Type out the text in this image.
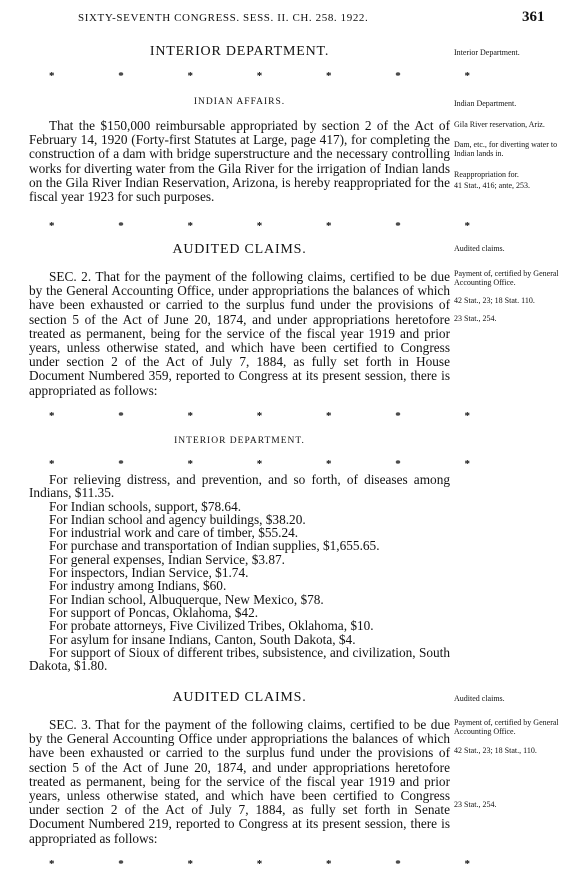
SIXTY-SEVENTH CONGRESS. SESS. II. CH. 258. 1922.	361
INTERIOR DEPARTMENT.
*
*
*
*
*
*
*
INDIAN AFFAIRS.

That the $150,000 reimbursable appropriated by section 2 of the Act of February 14, 1920 (Forty-first Statutes at Large, page 417), for completing the construction of a dam with bridge superstructure and the necessary controlling works for diverting water from the Gila River for the irrigation of Indian lands on the Gila River Indian Reservation, Arizona, is hereby reappropriated for the fiscal year 1923 for such purposes.

*
*
*
*
*
*
*
AUDITED CLAIMS.

SEC. 2. That for the payment of the following claims, certified to be due by the General Accounting Office, under appropriations the balances of which have been exhausted or carried to the surplus fund under the provisions of section 5 of the Act of June 20, 1874, and under appropriations heretofore treated as permanent, being for the service of the fiscal year 1919 and prior years, unless otherwise stated, and which have been certified to Congress under section 2 of the Act of July 7, 1884, as fully set forth in House Document Numbered 359, reported to Congress at its present session, there is appropriated as follows:

*
*
*
*
*
*
*
INTERIOR DEPARTMENT.
*
*
*
*
*
*
*

For relieving distress, and prevention, and so forth, of diseases among Indians, $11.35.

For Indian schools, support, $78.64.

For Indian school and agency buildings, $38.20.

For industrial work and care of timber, $55.24.

For purchase and transportation of Indian supplies, $1,655.65.

For general expenses, Indian Service, $3.87.

For inspectors, Indian Service, $1.74.

For industry among Indians, $60.

For Indian school, Albuquerque, New Mexico, $78.

For support of Poncas, Oklahoma, $42.

For probate attorneys, Five Civilized Tribes, Oklahoma, $10.

For asylum for insane Indians, Canton, South Dakota, $4.

For support of Sioux of different tribes, subsistence, and civilization, South Dakota, $1.80.

AUDITED CLAIMS.

SEC. 3. That for the payment of the following claims, certified to be due by the General Accounting Office under appropriations the balances of which have been exhausted or carried to the surplus fund under the provisions of section 5 of the Act of June 20, 1874, and under appropriations heretofore treated as permanent, being for the service of the fiscal year 1919 and prior years, unless otherwise stated, and which have been certified to Congress under section 2 of the Act of July 7, 1884, as fully set forth in Senate Document Numbered 219, reported to Congress at its present session, there is appropriated as follows:

*
*
*
*
*
*
*
Interior Department.
Indian Department.
Gila River reservation, Ariz.
Dam, etc., for diverting water to Indian lands in.
Reappropriation for.
41 Stat., 416; ante, 253.
Audited claims.
Payment of, certified by General Accounting Office.
42 Stat., 23; 18 Stat. 110.
23 Stat., 254.
Audited claims.
Payment of, certified by General Accounting Office.
42 Stat., 23; 18 Stat., 110.
23 Stat., 254.
